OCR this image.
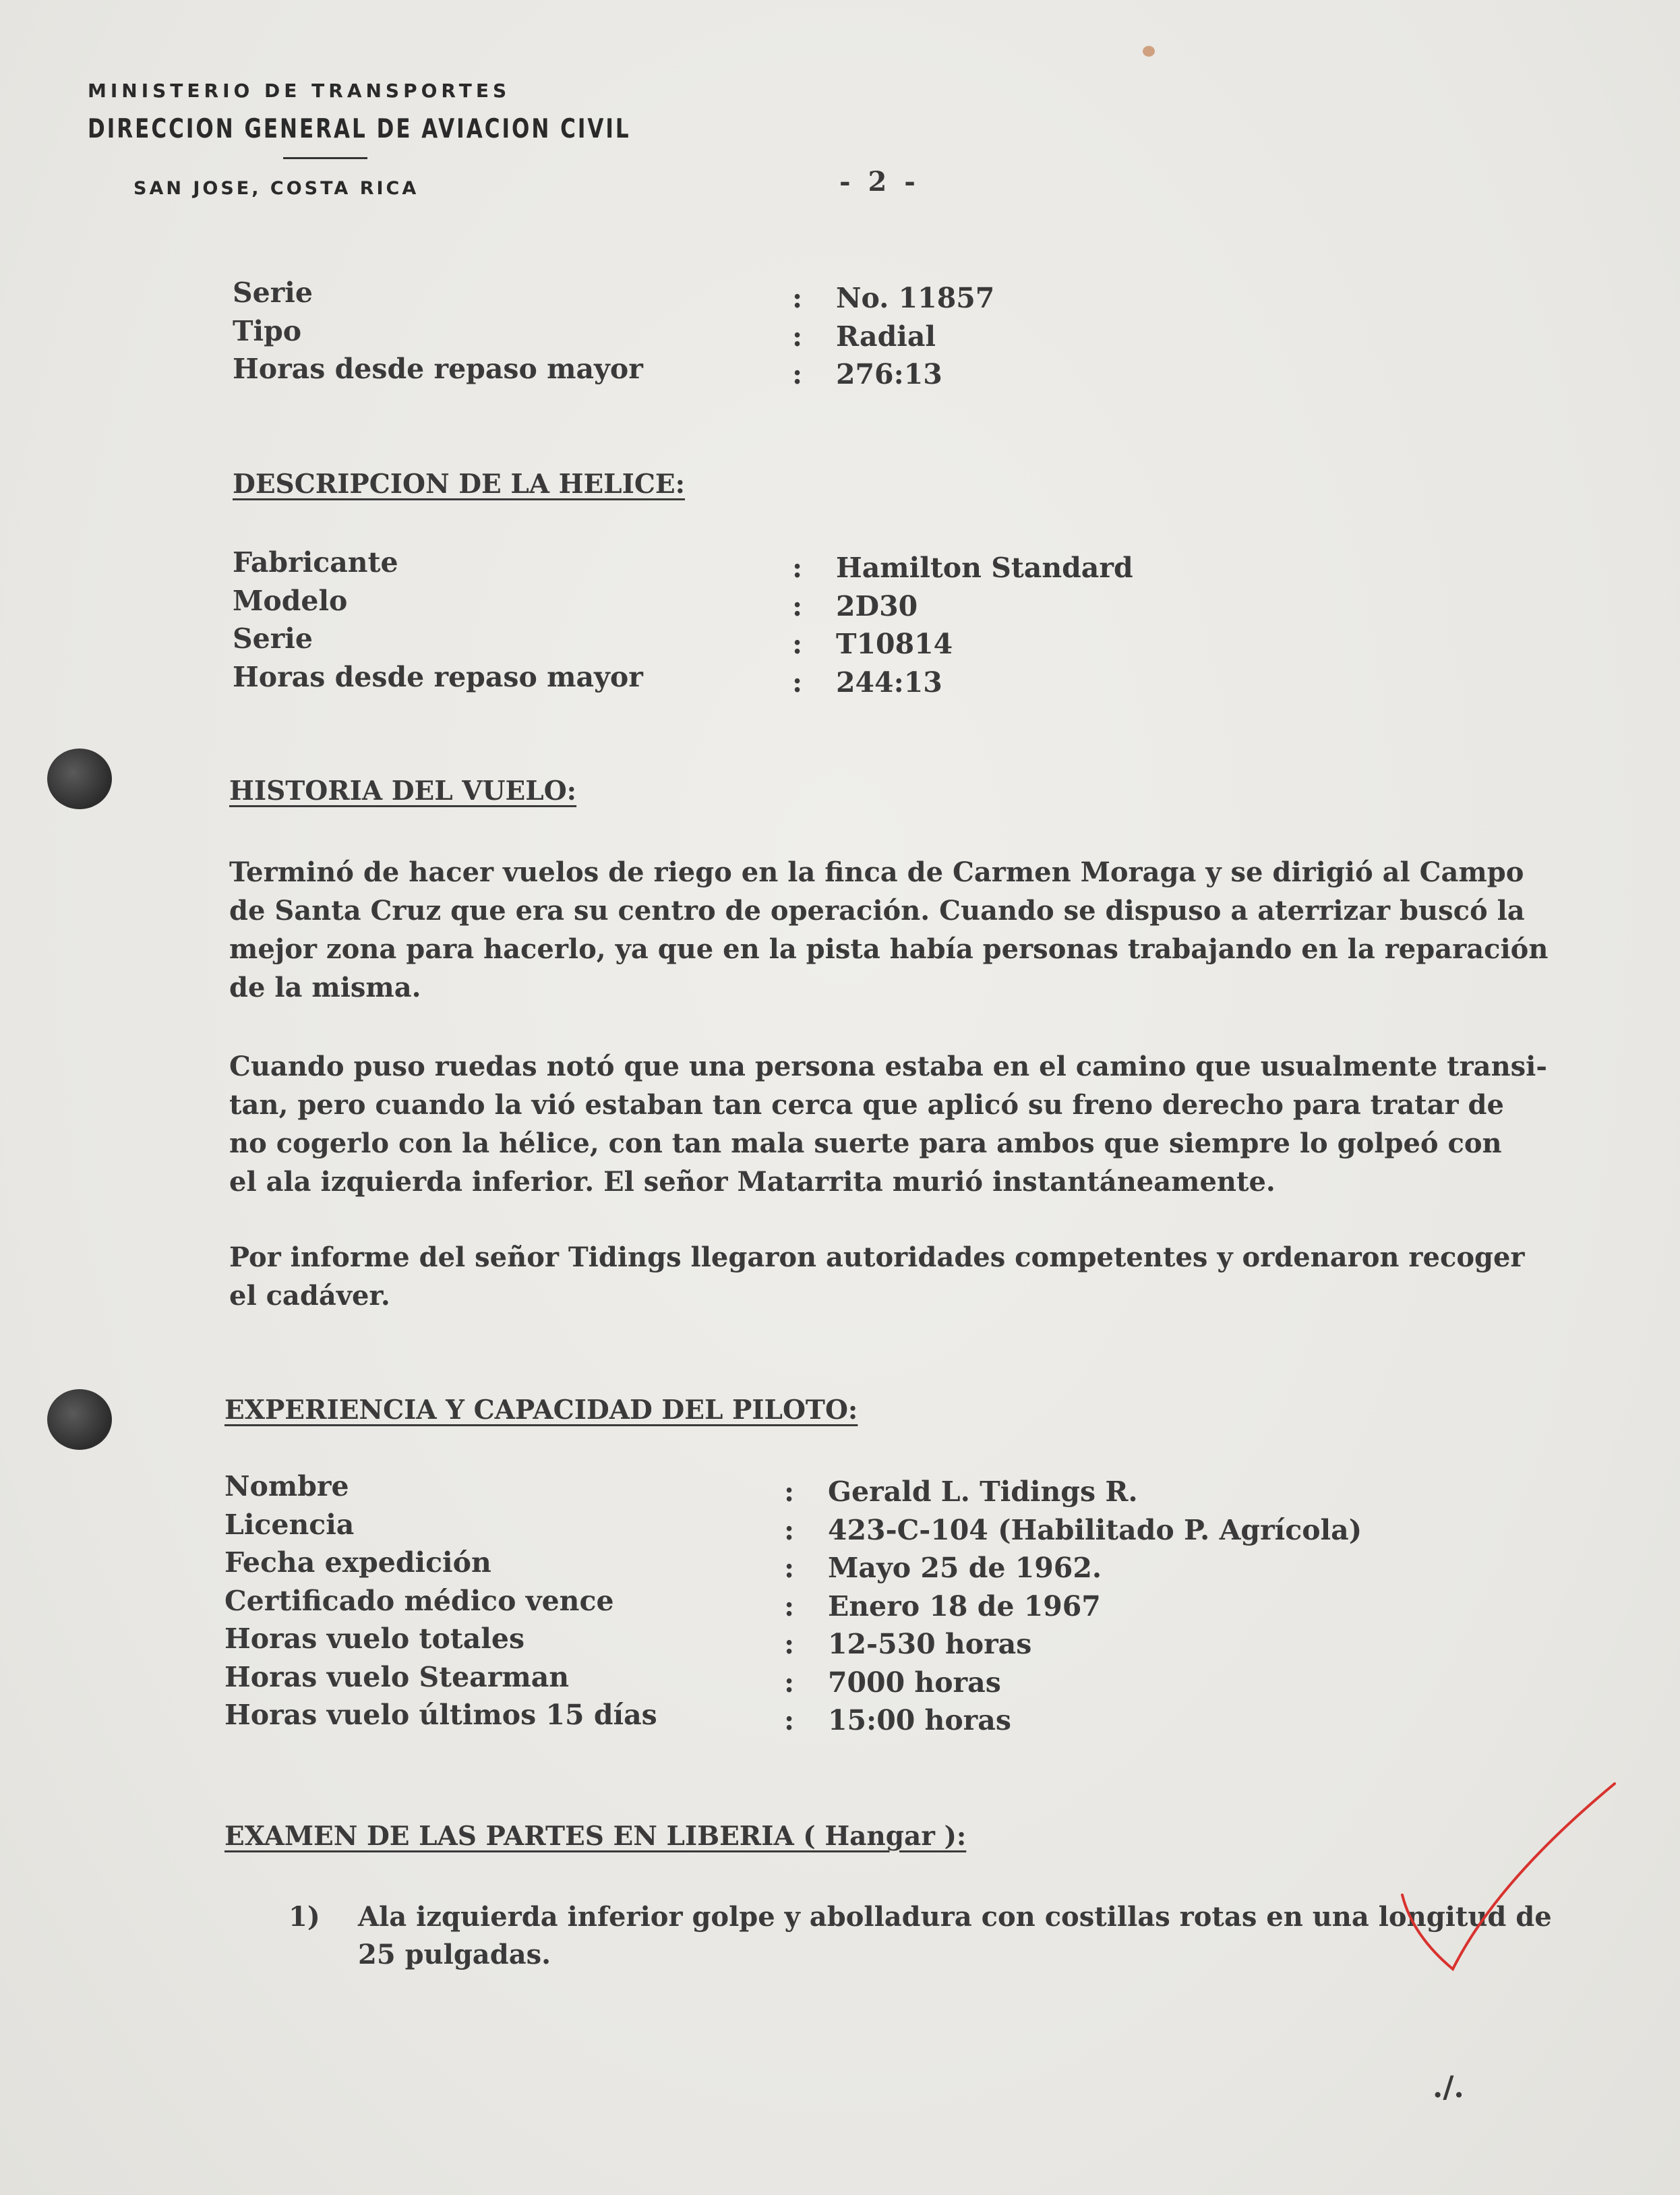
MINISTERIO DE TRANSPORTES
DIRECCION GENERAL DE AVIACION CIVIL
SAN JOSE, COSTA RICA	- 2 -
Serie	: No. 11857
Tipo	: Radial
Horas desde repaso mayor	: 276:13
DESCRIPCION DE LA HELICE:
Fabricante	: Hamilton Standard
Modelo	: 2D30
Serie	: T10814
Horas desde repaso mayor	: 244:13
HISTORIA DEL VUELO:
Terminó de hacer vuelos de riego en la finca de Carmen Moraga y se dirigió al Campo
de Santa Cruz que era su centro de operación. Cuando se dispuso a aterrizar buscó la
mejor zona para hacerlo, ya que en la pista había personas trabajando en la reparación
de la misma.
Cuando puso ruedas notó que una persona estaba en el camino que usualmente transi-
tan, pero cuando la vió estaban tan cerca que aplicó su freno derecho para tratar de
no cogerlo con la hélice, con tan mala suerte para ambos que siempre lo golpeó con
el ala izquierda inferior. El señor Matarrita murió instantáneamente.
Por informe del señor Tidings llegaron autoridades competentes y ordenaron recoger
el cadáver.
EXPERIENCIA Y CAPACIDAD DEL PILOTO:
Nombre	: Gerald L. Tidings R.
Licencia	: 423-C-104 (Habilitado P. Agrícola)
Fecha expedición	: Mayo 25 de 1962.
Certificado médico vence	: Enero 18 de 1967
Horas vuelo totales	: 12-530 horas
Horas vuelo Stearman	: 7000 horas
Horas vuelo últimos 15 días	: 15:00 horas
EXAMEN DE LAS PARTES EN LIBERIA ( Hangar ):
1) Ala izquierda inferior golpe y abolladura con costillas rotas en una longitud de
25 pulgadas.
./.
